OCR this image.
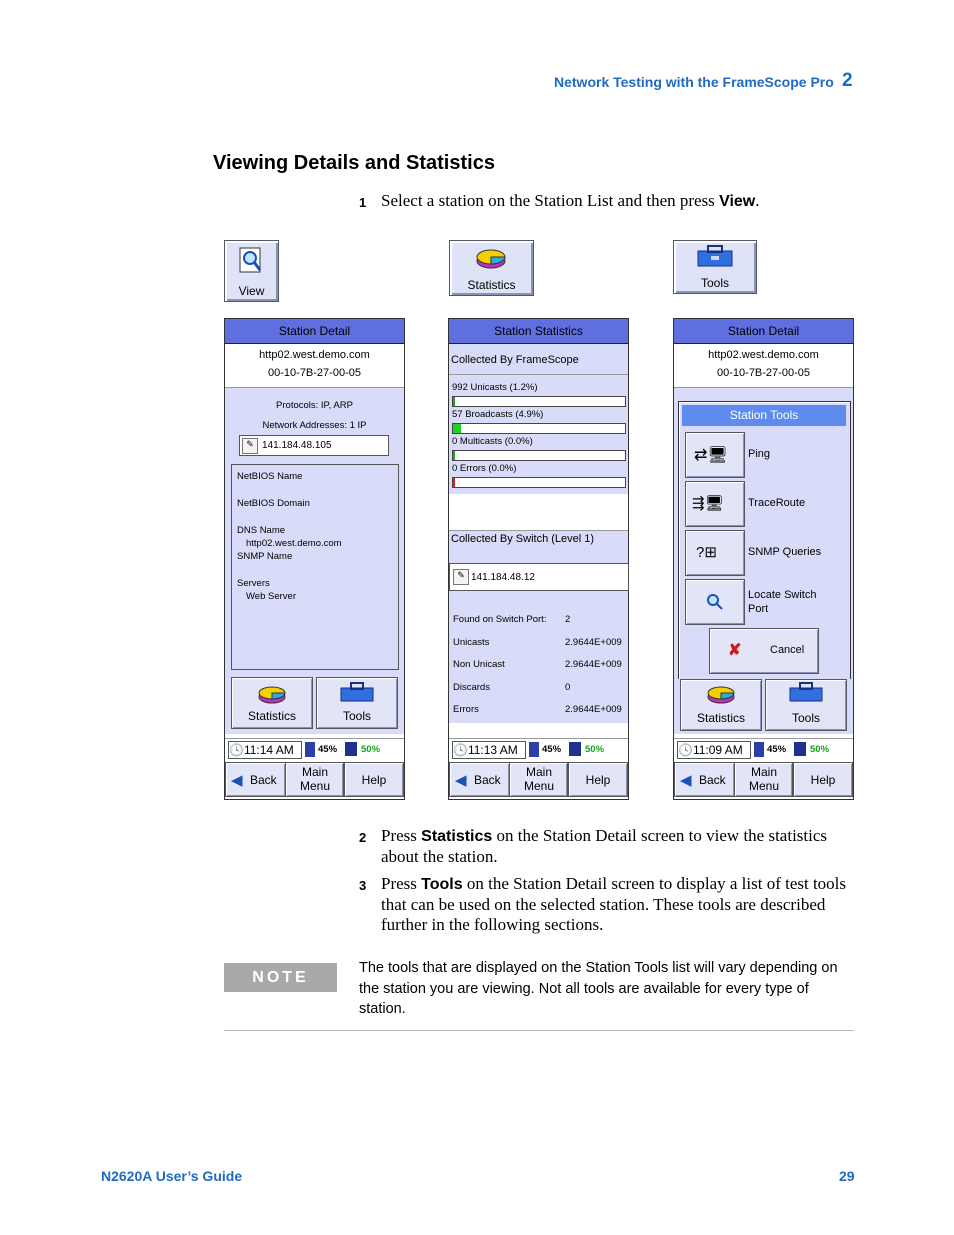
Network Testing with the FrameScope Pro 2
Viewing Details and Statistics
1 Select a station on the Station List and then press View.
View	Statistics	Tools
Station Detail
http02.west.demo.com
00-10-7B-27-00-05
Protocols: IP, ARP
Network Addresses: 1 IP
✎ 141.184.48.105
NetBIOS Name
NetBIOS Domain
DNS Name
http02.west.demo.com
SNMP Name
Servers
Web Server
Statistics	Tools
🕓11:14 AM	45%	50%
◀ Back
Main Menu	Help
Station Statistics
Collected By FrameScope
992 Unicasts (1.2%)
57 Broadcasts (4.9%)
0 Multicasts (0.0%)
0 Errors (0.0%)
Collected By Switch (Level 1)
✎ 141.184.48.12
Found on Switch Port: 2
Unicasts	2.9644E+009
Non Unicast	2.9644E+009
Discards	0
Errors	2.9644E+009
🕓11:13 AM	45%	50%
◀ Back
Main Menu	Help
Station Detail
http02.west.demo.com
00-10-7B-27-00-05
Station Tools
⇄🖥 Ping
⇶🖥 TraceRoute
?⊞	SNMP Queries
Locate Switch Port
✘	Cancel
Statistics	Tools
🕓11:09 AM	45%	50%
◀ Back
Main Menu	Help
2 Press Statistics on the Station Detail screen to view the statistics about the station.
3 Press Tools on the Station Detail screen to display a list of test tools that can be used on the selected station. These tools are described further in the following sections.
NOTE
The tools that are displayed on the Station Tools list will vary depending on the station you are viewing. Not all tools are available for every type of station.
N2620A User’s Guide	29
